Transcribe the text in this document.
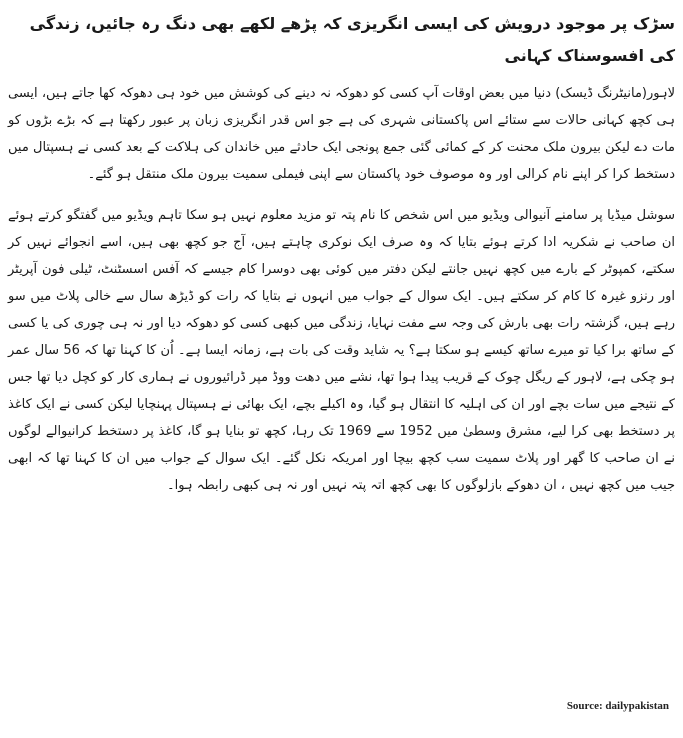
سڑک پر موجود درویش کی ایسی انگریزی کہ پڑھے لکھے بھی دنگ رہ جائیں، زندگی کی افسوسناک کہانی

لاہور(مانیٹرنگ ڈیسک) دنیا میں بعض اوقات آپ کسی کو دھوکہ نہ دینے کی کوشش میں خود ہی دھوکہ کھا جاتے ہیں، ایسی ہی کچھ کہانی حالات سے ستائے اس پاکستانی شہری کی ہے جو اس قدر انگریزی زبان پر عبور رکھتا ہے کہ بڑے بڑوں کو مات دے لیکن بیرون ملک محنت کر کے کمائی گئی جمع پونجی ایک حادثے میں خاندان کی ہلاکت کے بعد کسی نے ہسپتال میں دستخط کرا کر اپنے نام کرالی اور وہ موصوف خود پاکستان سے اپنی فیملی سمیت بیرون ملک منتقل ہو گئے۔

سوشل میڈیا پر سامنے آنیوالی ویڈیو میں اس شخص کا نام پتہ تو مزید معلوم نہیں ہو سکا تاہم ویڈیو میں گفتگو کرتے ہوئے ان صاحب نے شکریہ ادا کرتے ہوئے بتایا کہ وہ صرف ایک نوکری چاہتے ہیں، آج جو کچھ بھی ہیں، اسے انجوائے نہیں کر سکتے، کمپوٹر کے بارے میں کچھ نہیں جانتے لیکن دفتر میں کوئی بھی دوسرا کام جیسے کہ آفس اسسٹنٹ، ٹیلی فون آپریٹر اور رنزو غیرہ کا کام کر سکتے ہیں۔ ایک سوال کے جواب میں انہوں نے بتایا کہ رات کو ڈیڑھ سال سے خالی پلاٹ میں سو رہے ہیں، گزشتہ رات بھی بارش کی وجہ سے مفت نہایا، زندگی میں کبھی کسی کو دھوکہ دیا اور نہ ہی چوری کی یا کسی کے ساتھ برا کیا تو میرے ساتھ کیسے ہو سکتا ہے؟ یہ شاید وقت کی بات ہے، زمانہ ایسا ہے۔ اُن کا کہنا تھا کہ 56 سال عمر ہو چکی ہے، لاہور کے ریگل چوک کے قریب پیدا ہوا تھا، نشے میں دھت ووڈ مپر ڈرائیوروں نے ہماری کار کو کچل دیا تھا جس کے نتیجے میں سات بچے اور ان کی اہلیہ کا انتقال ہو گیا، وہ اکیلے بچے، ایک بھائی نے ہسپتال پہنچایا لیکن کسی نے ایک کاغذ پر دستخط بھی کرا لیے، مشرق وسطیٰ میں 1952 سے 1969 تک رہا، کچھ تو بنایا ہو گا، کاغذ پر دستخط کرانیوالے لوگوں نے ان صاحب کا گھر اور پلاٹ سمیت سب کچھ بیچا اور امریکہ نکل گئے۔ ایک سوال کے جواب میں ان کا کہنا تھا کہ ابھی جیب میں کچھ نہیں ، ان دھوکے بازلوگوں کا بھی کچھ اتہ پتہ نہیں اور نہ ہی کبھی رابطہ ہوا۔

Source: dailypakistan
